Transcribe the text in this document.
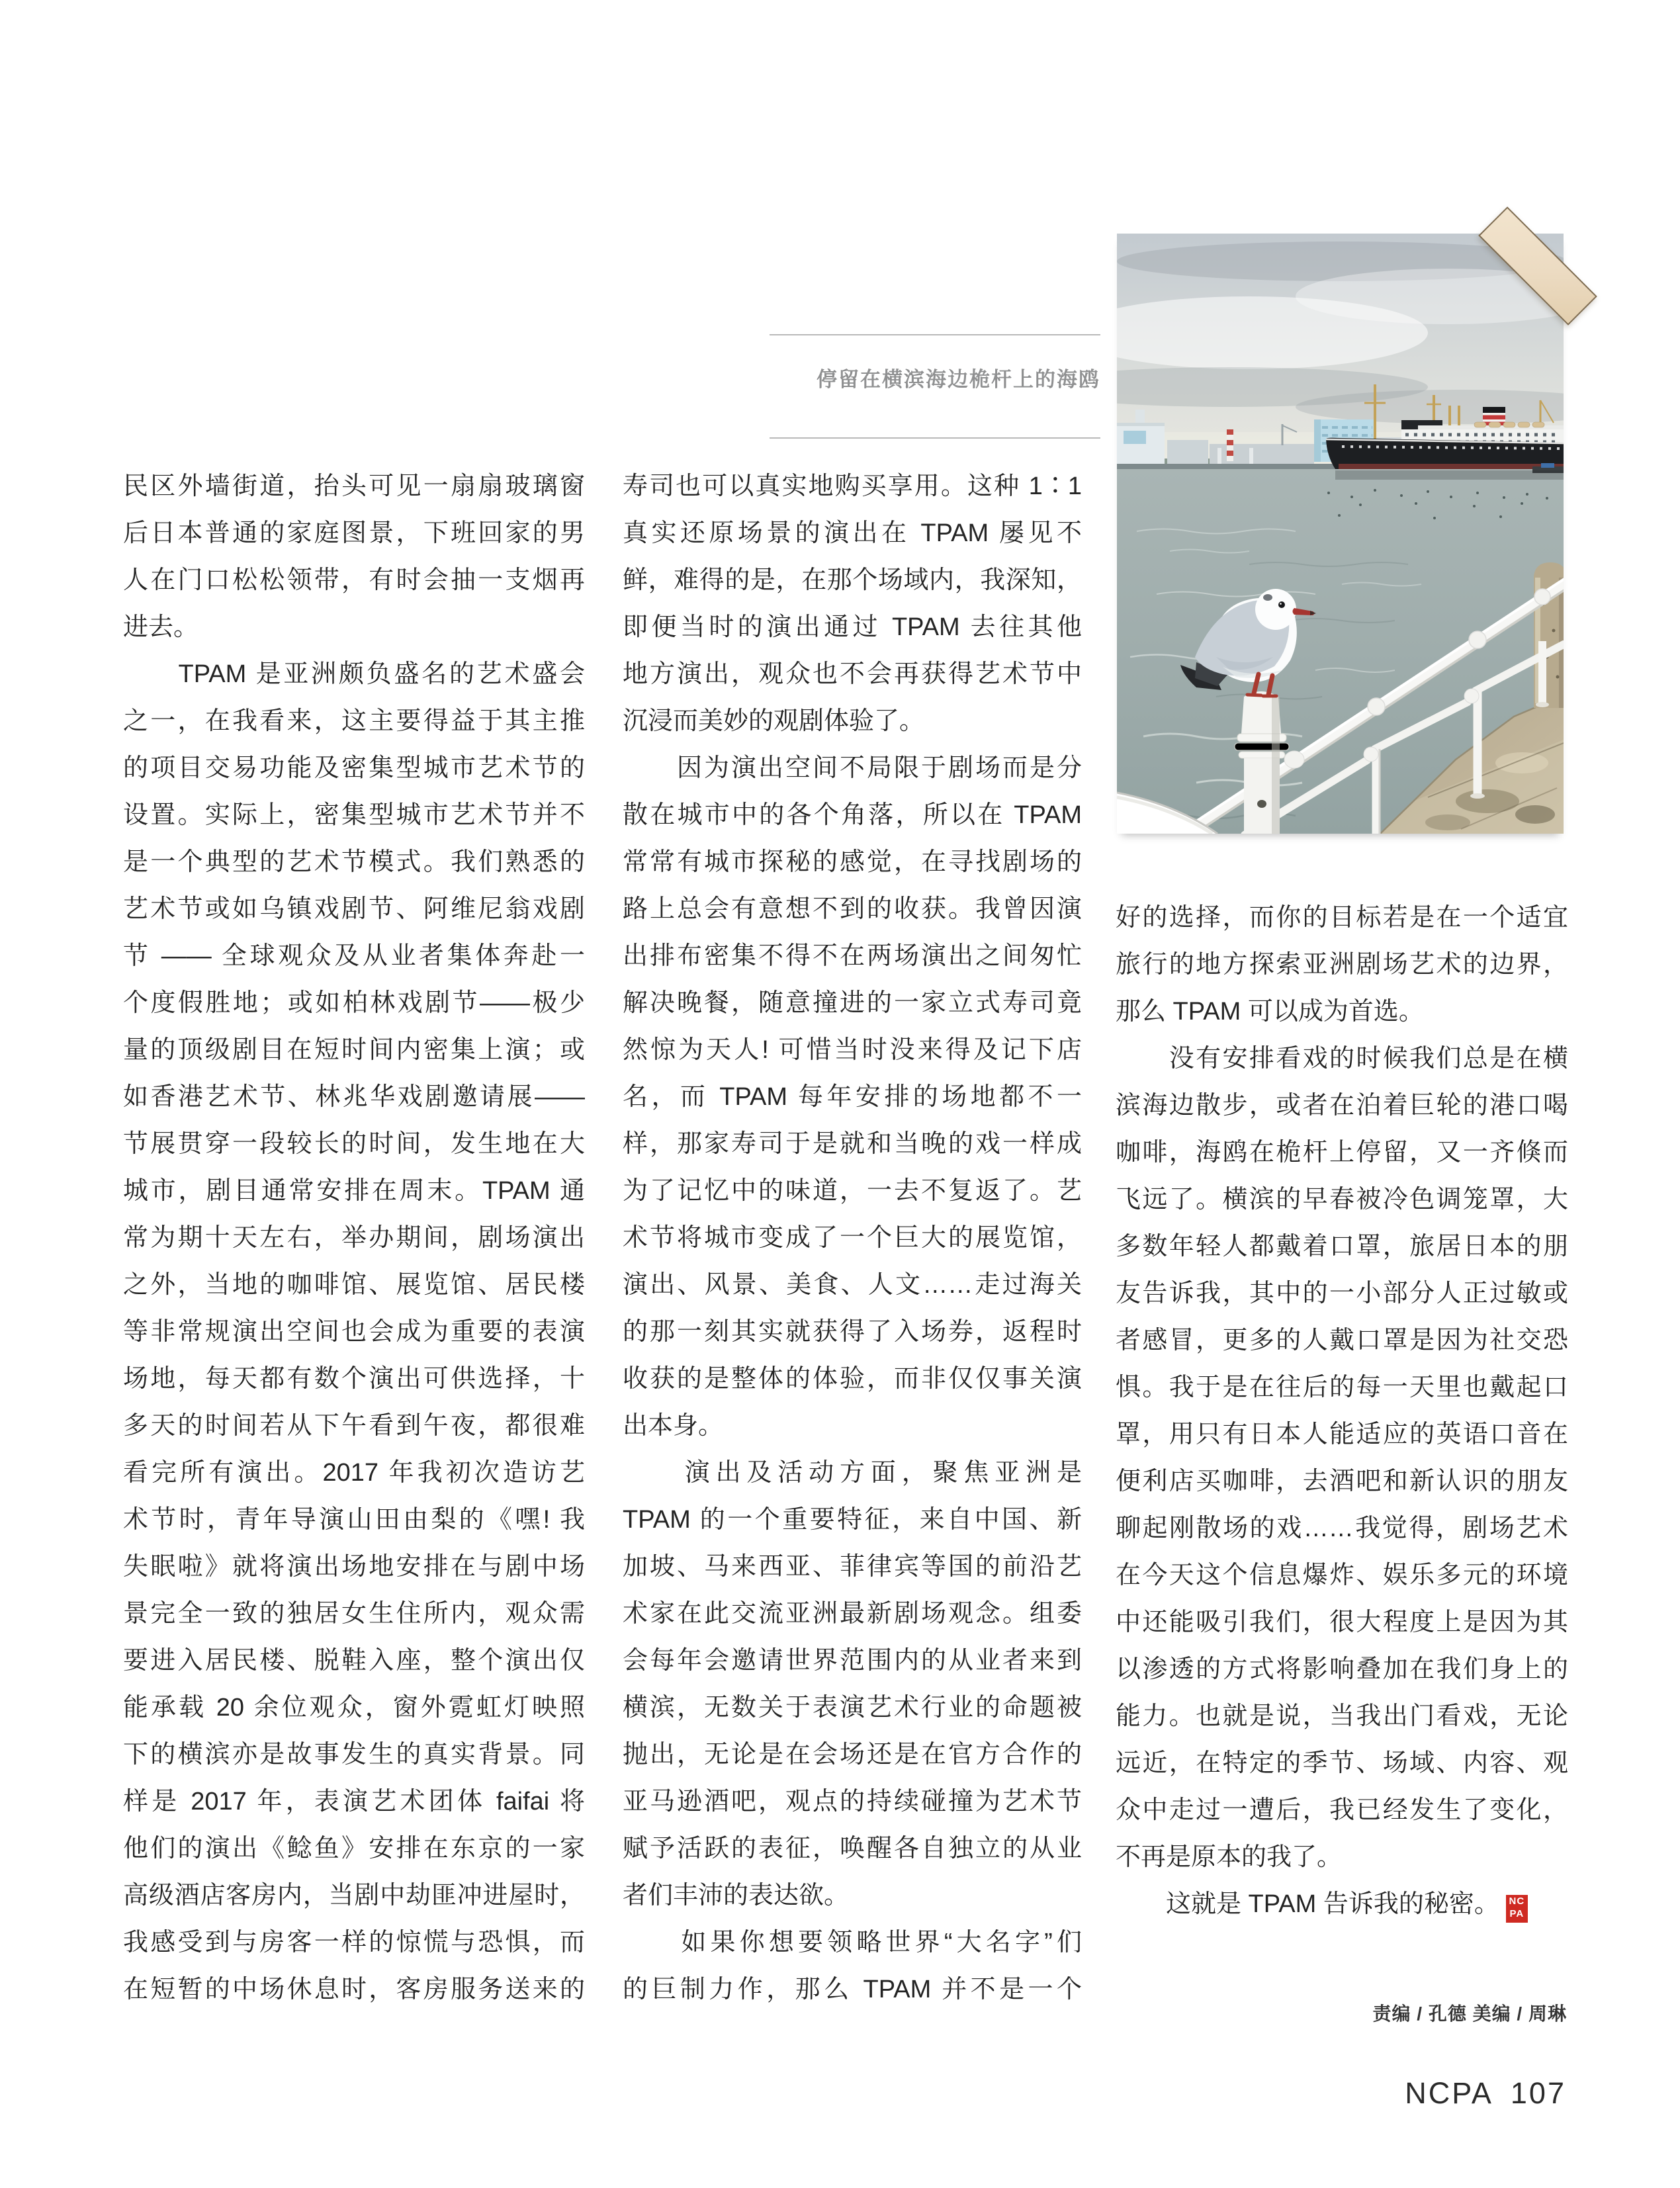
停留在横滨海边桅杆上的海鸥
民区外墙街道，抬头可见一扇扇玻璃窗
后日本普通的家庭图景，下班回家的男
人在门口松松领带，有时会抽一支烟再
进去。
　　TPAM 是亚洲颇负盛名的艺术盛会
之一，在我看来，这主要得益于其主推
的项目交易功能及密集型城市艺术节的
设置。实际上，密集型城市艺术节并不
是一个典型的艺术节模式。我们熟悉的
艺术节或如乌镇戏剧节、阿维尼翁戏剧
节 —— 全球观众及从业者集体奔赴一
个度假胜地；或如柏林戏剧节——极少
量的顶级剧目在短时间内密集上演；或
如香港艺术节、林兆华戏剧邀请展——
节展贯穿一段较长的时间，发生地在大
城市，剧目通常安排在周末。TPAM 通
常为期十天左右，举办期间，剧场演出
之外，当地的咖啡馆、展览馆、居民楼
等非常规演出空间也会成为重要的表演
场地，每天都有数个演出可供选择，十
多天的时间若从下午看到午夜，都很难
看完所有演出。2017 年我初次造访艺
术节时，青年导演山田由梨的《嘿! 我
失眠啦》就将演出场地安排在与剧中场
景完全一致的独居女生住所内，观众需
要进入居民楼、脱鞋入座，整个演出仅
能承载 20 余位观众，窗外霓虹灯映照
下的横滨亦是故事发生的真实背景。同
样是 2017 年，表演艺术团体 faifai 将
他们的演出《鲶鱼》安排在东京的一家
高级酒店客房内，当剧中劫匪冲进屋时，
我感受到与房客一样的惊慌与恐惧，而
在短暂的中场休息时，客房服务送来的
寿司也可以真实地购买享用。这种 1∶1
真实还原场景的演出在 TPAM 屡见不
鲜，难得的是，在那个场域内，我深知，
即便当时的演出通过 TPAM 去往其他
地方演出，观众也不会再获得艺术节中
沉浸而美妙的观剧体验了。
　　因为演出空间不局限于剧场而是分
散在城市中的各个角落，所以在 TPAM
常常有城市探秘的感觉，在寻找剧场的
路上总会有意想不到的收获。我曾因演
出排布密集不得不在两场演出之间匆忙
解决晚餐，随意撞进的一家立式寿司竟
然惊为天人! 可惜当时没来得及记下店
名，而 TPAM 每年安排的场地都不一
样，那家寿司于是就和当晚的戏一样成
为了记忆中的味道，一去不复返了。艺
术节将城市变成了一个巨大的展览馆，
演出、风景、美食、人文……走过海关
的那一刻其实就获得了入场券，返程时
收获的是整体的体验，而非仅仅事关演
出本身。
　　演出及活动方面，聚焦亚洲是
TPAM 的一个重要特征，来自中国、新
加坡、马来西亚、菲律宾等国的前沿艺
术家在此交流亚洲最新剧场观念。组委
会每年会邀请世界范围内的从业者来到
横滨，无数关于表演艺术行业的命题被
抛出，无论是在会场还是在官方合作的
亚马逊酒吧，观点的持续碰撞为艺术节
赋予活跃的表征，唤醒各自独立的从业
者们丰沛的表达欲。
　　如果你想要领略世界“大名字”们
的巨制力作，那么 TPAM 并不是一个
好的选择，而你的目标若是在一个适宜
旅行的地方探索亚洲剧场艺术的边界，
那么 TPAM 可以成为首选。
　　没有安排看戏的时候我们总是在横
滨海边散步，或者在泊着巨轮的港口喝
咖啡，海鸥在桅杆上停留，又一齐倏而
飞远了。横滨的早春被冷色调笼罩，大
多数年轻人都戴着口罩，旅居日本的朋
友告诉我，其中的一小部分人正过敏或
者感冒，更多的人戴口罩是因为社交恐
惧。我于是在往后的每一天里也戴起口
罩，用只有日本人能适应的英语口音在
便利店买咖啡，去酒吧和新认识的朋友
聊起刚散场的戏……我觉得，剧场艺术
在今天这个信息爆炸、娱乐多元的环境
中还能吸引我们，很大程度上是因为其
以渗透的方式将影响叠加在我们身上的
能力。也就是说，当我出门看戏，无论
远近，在特定的季节、场域、内容、观
众中走过一遭后，我已经发生了变化，
不再是原本的我了。
　　这就是 TPAM 告诉我的秘密。 NC
PA
责编 / 孔德 美编 / 周琳
NCPA 107
